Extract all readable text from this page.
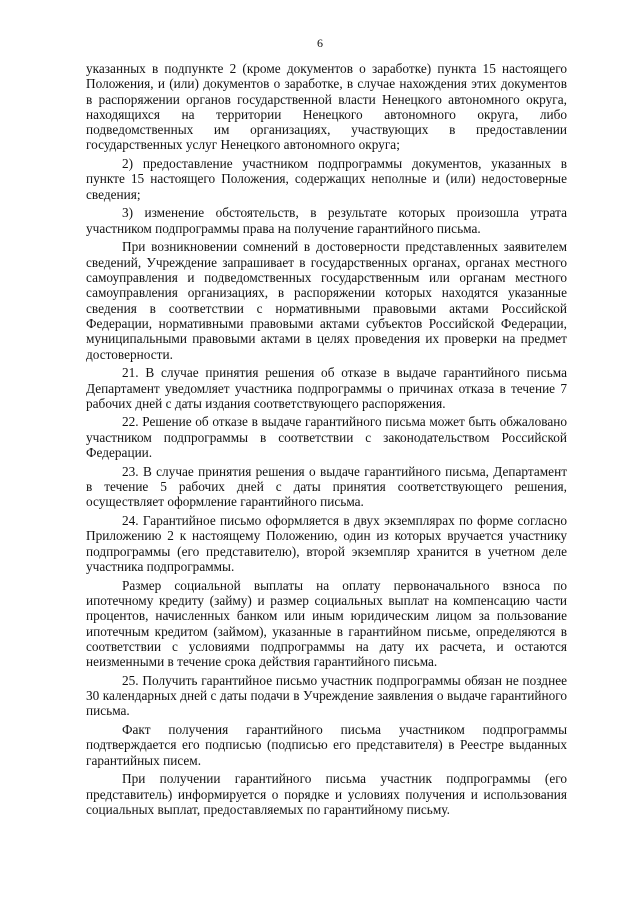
6

указанных в подпункте 2 (кроме документов о заработке) пункта 15 настоящего Положения, и (или) документов о заработке, в случае нахождения этих документов в распоряжении органов государственной власти Ненецкого автономного округа, находящихся на территории Ненецкого автономного округа, либо подведомственных им организациях, участвующих в предоставлении государственных услуг Ненецкого автономного округа;

2) предоставление участником подпрограммы документов, указанных в пункте 15 настоящего Положения, содержащих неполные и (или) недостоверные сведения;

3) изменение обстоятельств, в результате которых произошла утрата участником подпрограммы права на получение гарантийного письма.

При возникновении сомнений в достоверности представленных заявителем сведений, Учреждение запрашивает в государственных органах, органах местного самоуправления и подведомственных государственным или органам местного самоуправления организациях, в распоряжении которых находятся указанные сведения в соответствии с нормативными правовыми актами Российской Федерации, нормативными правовыми актами субъектов Российской Федерации, муниципальными правовыми актами в целях проведения их проверки на предмет достоверности.

21. В случае принятия решения об отказе в выдаче гарантийного письма Департамент уведомляет участника подпрограммы о причинах отказа в течение 7 рабочих дней с даты издания соответствующего распоряжения.

22. Решение об отказе в выдаче гарантийного письма может быть обжаловано участником подпрограммы в соответствии с законодательством Российской Федерации.

23. В случае принятия решения о выдаче гарантийного письма, Департамент в течение 5 рабочих дней с даты принятия соответствующего решения, осуществляет оформление гарантийного письма.

24. Гарантийное письмо оформляется в двух экземплярах по форме согласно Приложению 2 к настоящему Положению, один из которых вручается участнику подпрограммы (его представителю), второй экземпляр хранится в учетном деле участника подпрограммы.

Размер социальной выплаты на оплату первоначального взноса по ипотечному кредиту (займу) и размер социальных выплат на компенсацию части процентов, начисленных банком или иным юридическим лицом за пользование ипотечным кредитом (займом), указанные в гарантийном письме, определяются в соответствии с условиями подпрограммы на дату их расчета, и остаются неизменными в течение срока действия гарантийного письма.

25. Получить гарантийное письмо участник подпрограммы обязан не позднее 30 календарных дней с даты подачи в Учреждение заявления о выдаче гарантийного письма.

Факт получения гарантийного письма участником подпрограммы подтверждается его подписью (подписью его представителя) в Реестре выданных гарантийных писем.

При получении гарантийного письма участник подпрограммы (его представитель) информируется о порядке и условиях получения и использования социальных выплат, предоставляемых по гарантийному письму.
